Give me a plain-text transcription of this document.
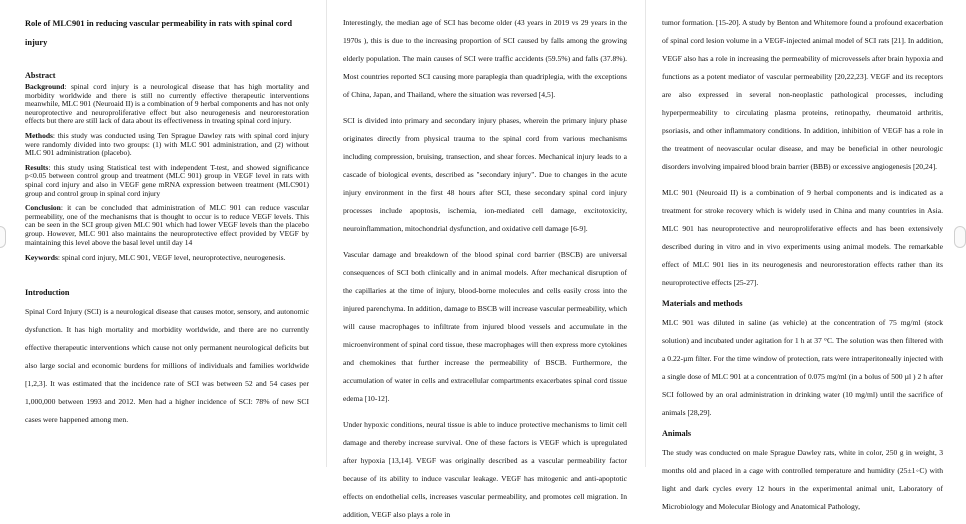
Role of MLC901 in reducing vascular permeability in rats with spinal cord injury

Abstract

Background: spinal cord injury is a neurological disease that has high mortality and morbidity worldwide and there is still no currently effective therapeutic interventions meanwhile, MLC 901 (Neuroaid II) is a combination of 9 herbal components and has not only neuroprotective and neuroproliferative effect but also neurogenesis and neurorestoration effects but there are still lack of data about its effectiveness in treating spinal cord injury.

Methods: this study was conducted using Ten Sprague Dawley rats with spinal cord injury were randomly divided into two groups: (1) with MLC 901 administration, and (2) without MLC 901 administration (placebo).

Results: this study using Statistical test with independent T-test, and showed significance p<0.05 between control group and treatment (MLC 901) group in VEGF level in rats with spinal cord injury and also in VEGF gene mRNA expression between treatment (MLC901) group and control group in spinal cord injury

Conclusion: it can be concluded that administration of MLC 901 can reduce vascular permeability, one of the mechanisms that is thought to occur is to reduce VEGF levels. This can be seen in the SCI group given MLC 901 which had lower VEGF levels than the placebo group. However, MLC 901 also maintains the neuroprotective effect provided by VEGF by maintaining this level above the basal level until day 14

Keywords: spinal cord injury, MLC 901, VEGF level, neuroprotective, neurogenesis.

Introduction

Spinal Cord Injury (SCI) is a neurological disease that causes motor, sensory, and autonomic dysfunction. It has high mortality and morbidity worldwide, and there are no currently effective therapeutic interventions which cause not only permanent neurological deficits but also large social and economic burdens for millions of individuals and families worldwide [1,2,3]. It was estimated that the incidence rate of SCI was between 52 and 54 cases per 1,000,000 between 1993 and 2012. Men had a higher incidence of SCI: 78% of new SCI cases were happened among men.

Interestingly, the median age of SCI has become older (43 years in 2019 vs 29 years in the 1970s ), this is due to the increasing proportion of SCI caused by falls among the growing elderly population. The main causes of SCI were traffic accidents (59.5%) and falls (37.8%). Most countries reported SCI causing more paraplegia than quadriplegia, with the exceptions of China, Japan, and Thailand, where the situation was reversed [4,5].

SCI is divided into primary and secondary injury phases, wherein the primary injury phase originates directly from physical trauma to the spinal cord from various mechanisms including compression, bruising, transection, and shear forces. Mechanical injury leads to a cascade of biological events, described as "secondary injury". Due to changes in the acute injury environment in the first 48 hours after SCI, these secondary spinal cord injury processes include apoptosis, ischemia, ion-mediated cell damage, excitotoxicity, neuroinflammation, mitochondrial dysfunction, and oxidative cell damage [6-9].

Vascular damage and breakdown of the blood spinal cord barrier (BSCB) are universal consequences of SCI both clinically and in animal models. After mechanical disruption of the capillaries at the time of injury, blood-borne molecules and cells easily cross into the injured parenchyma. In addition, damage to BSCB will increase vascular permeability, which will cause macrophages to infiltrate from injured blood vessels and accumulate in the microenvironment of spinal cord tissue, these macrophages will then express more cytokines and chemokines that further increase the permeability of BSCB. Furthermore, the accumulation of water in cells and extracellular compartments exacerbates spinal cord tissue edema [10-12].

Under hypoxic conditions, neural tissue is able to induce protective mechanisms to limit cell damage and thereby increase survival. One of these factors is VEGF which is upregulated after hypoxia [13,14]. VEGF was originally described as a vascular permeability factor because of its ability to induce vascular leakage. VEGF has mitogenic and anti-apoptotic effects on endothelial cells, increases vascular permeability, and promotes cell migration. In addition, VEGF also plays a role in

tumor formation. [15-20]. A study by Benton and Whitemore found a profound exacerbation of spinal cord lesion volume in a VEGF-injected animal model of SCI rats [21]. In addition, VEGF also has a role in increasing the permeability of microvessels after brain hypoxia and functions as a potent mediator of vascular permeability [20,22,23]. VEGF and its receptors are also expressed in several non-neoplastic pathological processes, including hyperpermeability to circulating plasma proteins, retinopathy, rheumatoid arthritis, psoriasis, and other inflammatory conditions. In addition, inhibition of VEGF has a role in the treatment of neovascular ocular disease, and may be beneficial in other neurologic disorders involving impaired blood brain barrier (BBB) or excessive angiogenesis [20,24].

MLC 901 (Neuroaid II) is a combination of 9 herbal components and is indicated as a treatment for stroke recovery which is widely used in China and many countries in Asia. MLC 901 has neuroprotective and neuroproliferative effects and has been extensively described during in vitro and in vivo experiments using animal models. The remarkable effect of MLC 901 lies in its neurogenesis and neurorestoration effects rather than its neuroprotective effects [25-27].

Materials and methods

MLC 901 was diluted in saline (as vehicle) at the concentration of 75 mg/ml (stock solution) and incubated under agitation for 1 h at 37 °C. The solution was then filtered with a 0.22-µm filter. For the time window of protection, rats were intraperitoneally injected with a single dose of MLC 901 at a concentration of 0.075 mg/ml (in a bolus of 500 µl ) 2 h after SCI followed by an oral administration in drinking water (10 mg/ml) until the sacrifice of animals [28,29].

Animals

The study was conducted on male Sprague Dawley rats, white in color, 250 g in weight, 3 months old and placed in a cage with controlled temperature and humidity (25±1◦C) with light and dark cycles every 12 hours in the experimental animal unit, Laboratory of Microbiology and Molecular Biology and Anatomical Pathology,
